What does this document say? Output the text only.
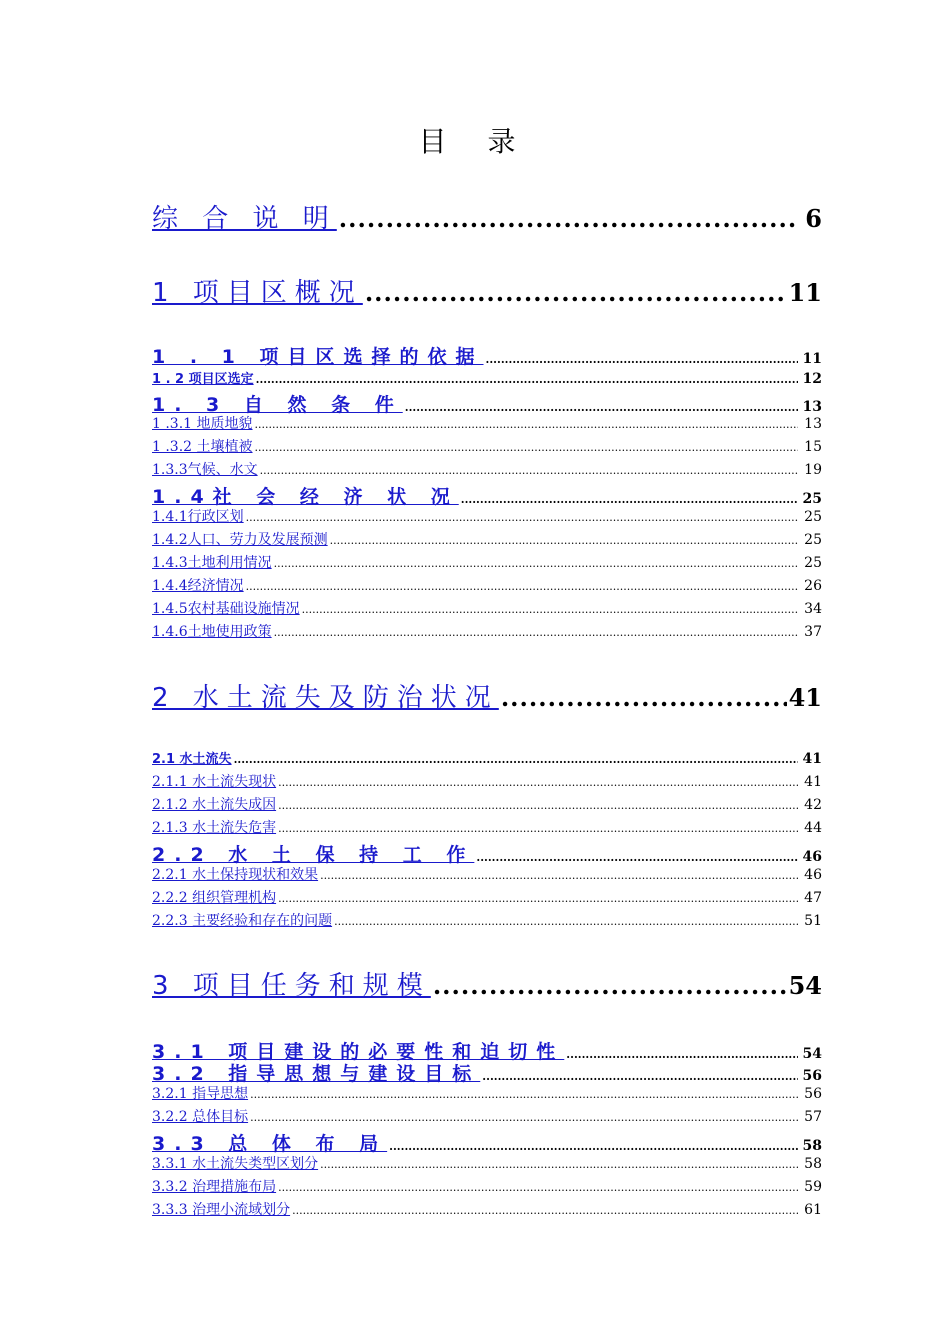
目 录
综 合 说 明 .....	6
1 项目区概况 .....	11
1 . 1 项目区选择的依据 .....	11
1 . 2 项目区选定 .....	12
1. 3 自 然 条 件 .....	13
1 .3.1 地质地貌 .....	13
1 .3.2 土壤植被 .....	15
1.3.3气候、水文 .....	19
1.4社 会 经 济 状 况 .....	25
1.4.1行政区划 .....	25
1.4.2人口、劳力及发展预测 .....	25
1.4.3土地利用情况 .....	25
1.4.4经济情况 .....	26
1.4.5农村基础设施情况 .....	34
1.4.6土地使用政策 .....	37
2 水土流失及防治状况 .....	41
2.1 水土流失 .....	41
2.1.1 水土流失现状 .....	41
2.1.2 水土流失成因 .....	42
2.1.3 水土流失危害 .....	44
2.2 水 土 保 持 工 作 .....	46
2.2.1 水土保持现状和效果 .....	46
2.2.2 组织管理机构 .....	47
2.2.3 主要经验和存在的问题 .....	51
3 项目任务和规模 .....	54
3.1 项目建设的必要性和迫切性 .....	54
3.2 指导思想与建设目标 .....	56
3.2.1 指导思想 .....	56
3.2.2 总体目标 .....	57
3.3 总 体 布 局 .....	58
3.3.1 水土流失类型区划分 .....	58
3.3.2 治理措施布局 .....	59
3.3.3 治理小流域划分 .....	61
